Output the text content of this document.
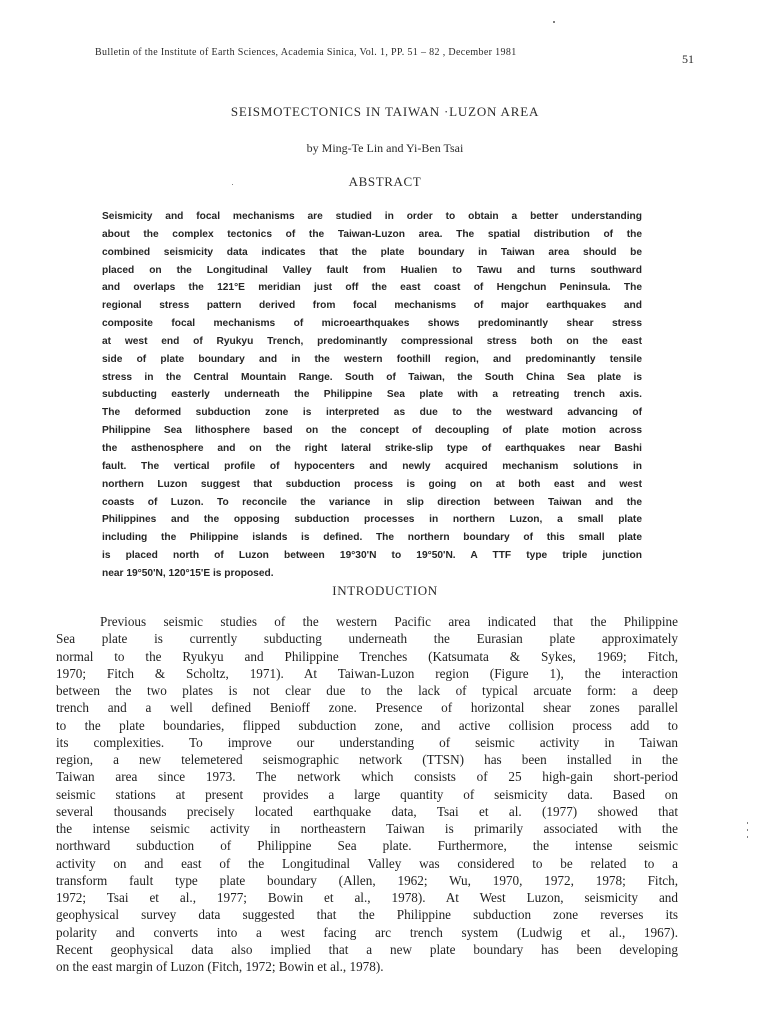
Bulletin of the Institute of Earth Sciences, Academia Sinica, Vol. 1, PP. 51 – 82 , December 1981	51
SEISMOTECTONICS IN TAIWAN ·LUZON AREA
by Ming-Te Lin and Yi-Ben Tsai
ABSTRACT
Seismicity and focal mechanisms are studied in order to obtain a better understanding
about the complex tectonics of the Taiwan-Luzon area. The spatial distribution of the
combined seismicity data indicates that the plate boundary in Taiwan area should be
placed on the Longitudinal Valley fault from Hualien to Tawu and turns southward
and overlaps the 121°E meridian just off the east coast of Hengchun Peninsula. The
regional stress pattern derived from focal mechanisms of major earthquakes and
composite focal mechanisms of microearthquakes shows predominantly shear stress
at west end of Ryukyu Trench, predominantly compressional stress both on the east
side of plate boundary and in the western foothill region, and predominantly tensile
stress in the Central Mountain Range. South of Taiwan, the South China Sea plate is
subducting easterly underneath the Philippine Sea plate with a retreating trench axis.
The deformed subduction zone is interpreted as due to the westward advancing of
Philippine Sea lithosphere based on the concept of decoupling of plate motion across
the asthenosphere and on the right lateral strike-slip type of earthquakes near Bashi
fault. The vertical profile of hypocenters and newly acquired mechanism solutions in
northern Luzon suggest that subduction process is going on at both east and west
coasts of Luzon. To reconcile the variance in slip direction between Taiwan and the
Philippines and the opposing subduction processes in northern Luzon, a small plate
including the Philippine islands is defined. The northern boundary of this small plate
is placed north of Luzon between 19°30'N to 19°50'N. A TTF type triple junction
near 19°50'N, 120°15'E is proposed.
INTRODUCTION
Previous seismic studies of the western Pacific area indicated that the Philippine
Sea plate is currently subducting underneath the Eurasian plate approximately
normal to the Ryukyu and Philippine Trenches (Katsumata & Sykes, 1969; Fitch,
1970; Fitch & Scholtz, 1971). At Taiwan-Luzon region (Figure 1), the interaction
between the two plates is not clear due to the lack of typical arcuate form: a deep
trench and a well defined Benioff zone. Presence of horizontal shear zones parallel
to the plate boundaries, flipped subduction zone, and active collision process add to
its complexities. To improve our understanding of seismic activity in Taiwan
region, a new telemetered seismographic network (TTSN) has been installed in the
Taiwan area since 1973. The network which consists of 25 high-gain short-period
seismic stations at present provides a large quantity of seismicity data. Based on
several thousands precisely located earthquake data, Tsai et al. (1977) showed that
the intense seismic activity in northeastern Taiwan is primarily associated with the
northward subduction of Philippine Sea plate. Furthermore, the intense seismic
activity on and east of the Longitudinal Valley was considered to be related to a
transform fault type plate boundary (Allen, 1962; Wu, 1970, 1972, 1978; Fitch,
1972; Tsai et al., 1977; Bowin et al., 1978). At West Luzon, seismicity and
geophysical survey data suggested that the Philippine subduction zone reverses its
polarity and converts into a west facing arc trench system (Ludwig et al., 1967).
Recent geophysical data also implied that a new plate boundary has been developing
on the east margin of Luzon (Fitch, 1972; Bowin et al., 1978).
